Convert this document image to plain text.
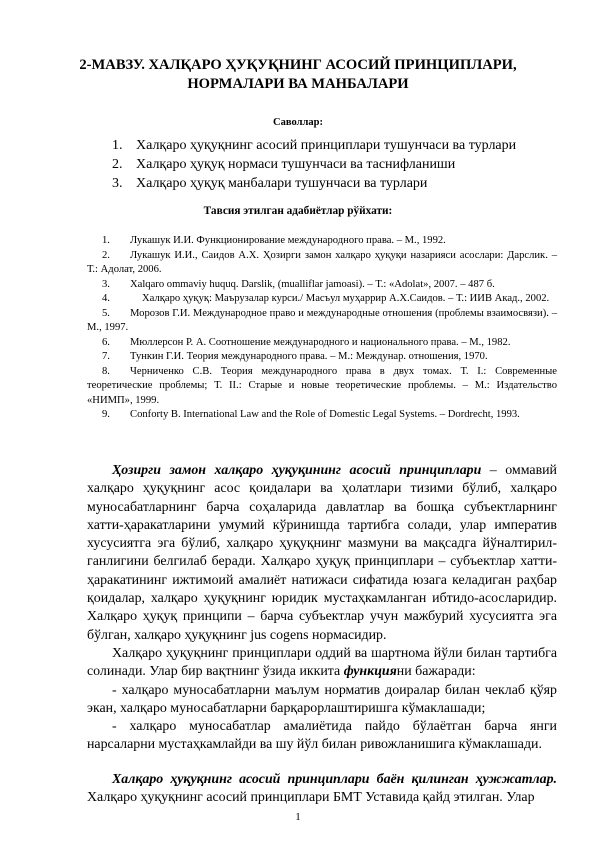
2-МАВЗУ. ХАЛҚАРО ҲУҚУҚНИНГ АСОСИЙ ПРИНЦИПЛАРИ,
НОРМАЛАРИ ВА МАНБАЛАРИ
Саволлар:
1. Халқаро ҳуқуқнинг асосий принциплари тушунчаси ва турлари
2. Халқаро ҳуқуқ нормаси тушунчаси ва таснифланиши
3. Халқаро ҳуқуқ манбалари тушунчаси ва турлари
Тавсия этилган адабиётлар рўйхати:
1. Лукашук И.И. Функционирование международного права. – М., 1992.
2. Лукашук И.И., Саидов А.Х. Ҳозирги замон халқаро ҳуқуқи назарияси асослари: Дарслик. – Т.: Адолат, 2006.
3. Xalqaro ommaviy huquq. Darslik, (mualliflar jamoasi). – Т.: «Adolat», 2007. – 487 б.
4.	Халқаро ҳуқуқ: Маърузалар курси./ Масъул муҳаррир А.Х.Саидов. – Т.: ИИВ Акад., 2002.
5. Морозов Г.И. Международное право и международные отношения (проблемы взаимосвязи). – М., 1997.
6. Мюллерсон Р. А. Соотношение международного и национального права. – М., 1982.
7. Тункин Г.И. Теория международного права. – М.: Междунар. отношения, 1970.
8. Черниченко С.В. Теория международного права в двух томах. Т. I.: Современные теоретические проблемы; Т. II.: Старые и новые теоретические проблемы. – М.: Издательство «НИМП», 1999.
9. Conforty B. International Law and the Role of Domestic Legal Systems. – Dordrecht, 1993.

Ҳозирги замон халқаро ҳуқуқининг асосий принциплари – оммавий халқаро ҳуқуқнинг асос қоидалари ва ҳолатлари тизими бўлиб, халқаро муносабатларнинг барча соҳаларида давлатлар ва бошқа субъектларнинг хатти-ҳаракатларини умумий кўринишда тартибга солади, улар императив хусусиятга эга бўлиб, халқаро ҳуқуқнинг мазмуни ва мақсадга йўналтирил-ганлигини белгилаб беради. Халқаро ҳуқуқ принциплари – субъектлар хатти-ҳаракатининг ижтимоий амалиёт натижаси сифатида юзага келадиган раҳбар қоидалар, халқаро ҳуқуқнинг юридик мустаҳкамланган ибтидо-асосларидир. Халқаро ҳуқуқ принципи – барча субъектлар учун мажбурий хусусиятга эга бўлган, халқаро ҳуқуқнинг jus cogens нормасидир.

Халқаро ҳуқуқнинг принциплари оддий ва шартнома йўли билан тартибга солинади. Улар бир вақтнинг ўзида иккита функцияни бажаради:

- халқаро муносабатларни маълум норматив доиралар билан чеклаб қўяр экан, халқаро муносабатларни барқарорлаштиришга кўмаклашади;

- халқаро муносабатлар амалиётида пайдо бўлаётган барча янги нарсаларни мустаҳкамлайди ва шу йўл билан ривожланишига кўмаклашади.

Халқаро ҳуқуқнинг асосий принциплари баён қилинган ҳужжатлар. Халқаро ҳуқуқнинг асосий принциплари БМТ Уставида қайд этилган. Улар

1
